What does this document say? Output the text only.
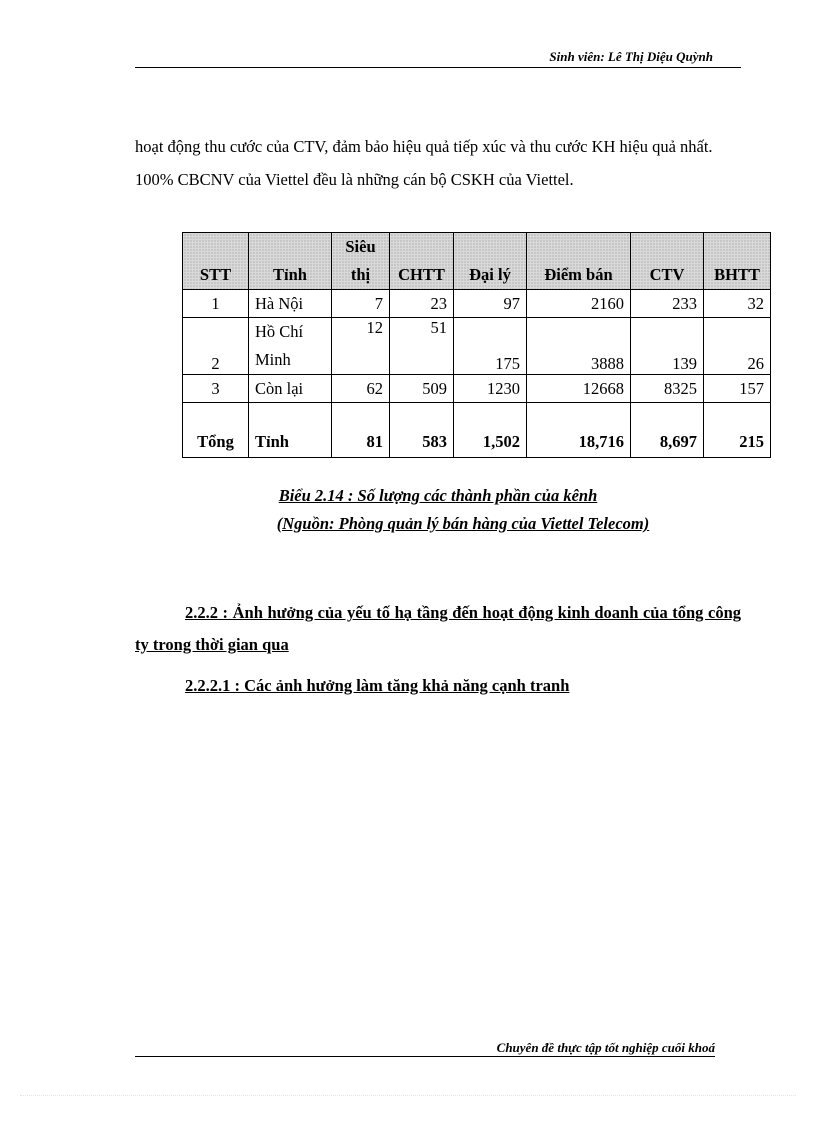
Sinh viên: Lê Thị Diệu Quỳnh

hoạt động thu cước của CTV, đảm bảo hiệu quả tiếp xúc và thu cước KH hiệu quả nhất. 100% CBCNV của Viettel đều là những cán bộ CSKH của Viettel.

STT	Tỉnh	Siêu thị	CHTT	Đại lý	Điểm bán	CTV	BHTT
1	Hà Nội	7	23	97	2160	233	32
2	Hồ Chí Minh	12	51	175	3888	139	26
3	Còn lại	62	509	1230	12668	8325	157
Tổng	Tỉnh	81	583	1,502	18,716	8,697	215
Biểu 2.14 : Số lượng các thành phần của kênh
(Nguồn: Phòng quản lý bán hàng của Viettel Telecom)
2.2.2 : Ảnh hưởng của yếu tố hạ tầng đến hoạt động kinh doanh của tổng công ty trong thời gian qua
2.2.2.1 : Các ảnh hưởng làm tăng khả năng cạnh tranh
Chuyên đề thực tập tốt nghiệp cuối khoá
